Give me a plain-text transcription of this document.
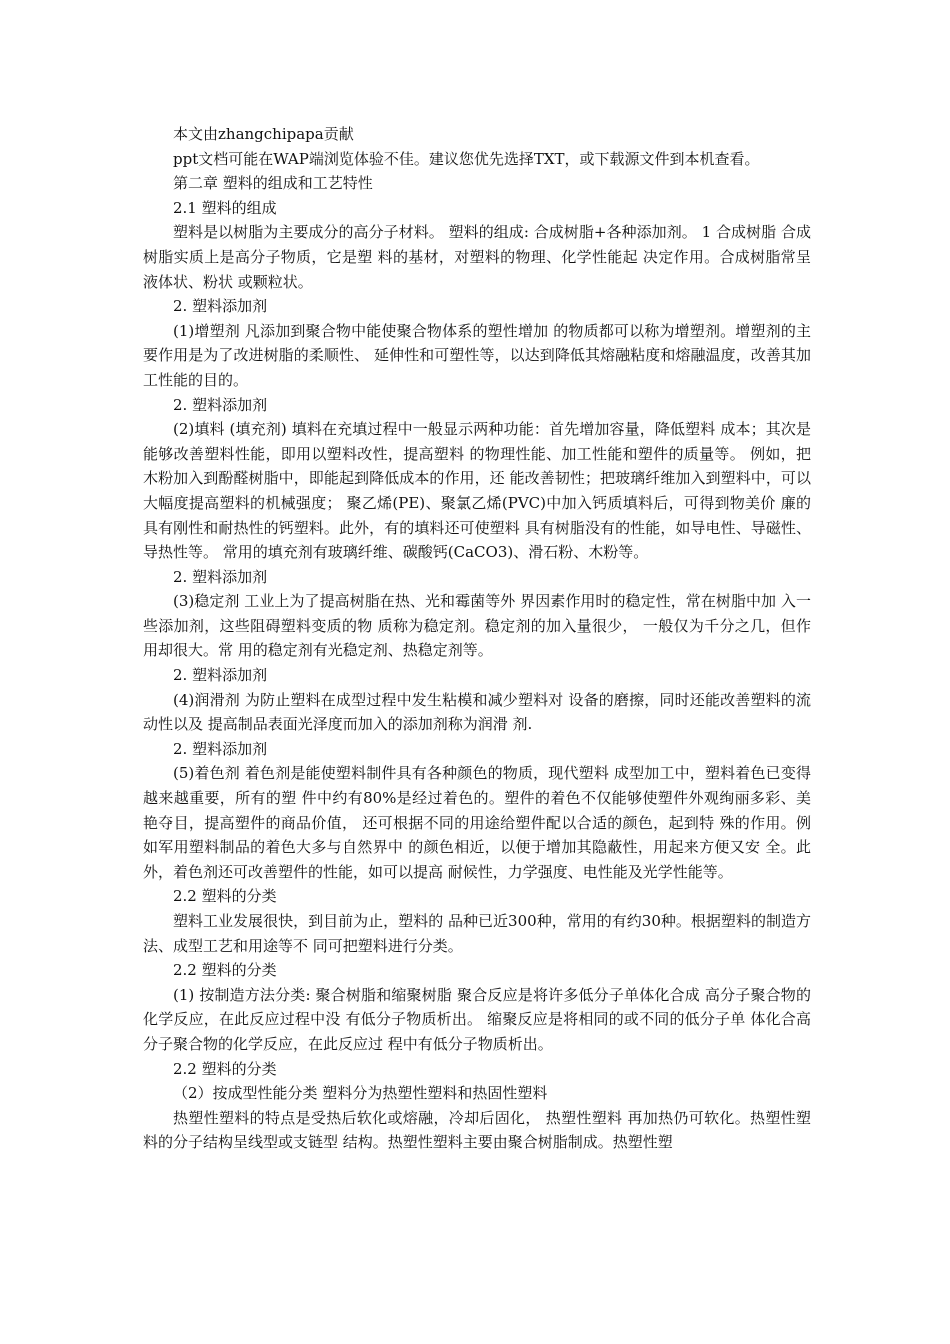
本文由zhangchipapa贡献

ppt文档可能在WAP端浏览体验不佳。建议您优先选择TXT，或下载源文件到本机查看。

第二章 塑料的组成和工艺特性

2.1 塑料的组成

塑料是以树脂为主要成分的高分子材料。 塑料的组成: 合成树脂+各种添加剂。 1 合成树脂 合成树脂实质上是高分子物质，它是塑 料的基材，对塑料的物理、化学性能起 决定作用。合成树脂常呈液体状、粉状 或颗粒状。

2. 塑料添加剂

(1)增塑剂 凡添加到聚合物中能使聚合物体系的塑性增加 的物质都可以称为增塑剂。增塑剂的主要作用是为了改进树脂的柔顺性、 延伸性和可塑性等，以达到降低其熔融粘度和熔融温度，改善其加工性能的目的。

2. 塑料添加剂

(2)填料 (填充剂) 填料在充填过程中一般显示两种功能：首先增加容量，降低塑料 成本；其次是能够改善塑料性能，即用以塑料改性，提高塑料 的物理性能、加工性能和塑件的质量等。 例如，把木粉加入到酚醛树脂中，即能起到降低成本的作用，还 能改善韧性；把玻璃纤维加入到塑料中，可以大幅度提高塑料的机械强度； 聚乙烯(PE)、聚氯乙烯(PVC)中加入钙质填料后，可得到物美价 廉的具有刚性和耐热性的钙塑料。此外，有的填料还可使塑料 具有树脂没有的性能，如导电性、导磁性、导热性等。 常用的填充剂有玻璃纤维、碳酸钙(CaCO3)、滑石粉、木粉等。

2. 塑料添加剂

(3)稳定剂 工业上为了提高树脂在热、光和霉菌等外 界因素作用时的稳定性，常在树脂中加 入一些添加剂，这些阻碍塑料变质的物 质称为稳定剂。稳定剂的加入量很少， 一般仅为千分之几，但作用却很大。常 用的稳定剂有光稳定剂、热稳定剂等。

2. 塑料添加剂

(4)润滑剂 为防止塑料在成型过程中发生粘模和减少塑料对 设备的磨擦，同时还能改善塑料的流动性以及 提高制品表面光泽度而加入的添加剂称为润滑 剂.

2. 塑料添加剂

(5)着色剂 着色剂是能使塑料制件具有各种颜色的物质，现代塑料 成型加工中，塑料着色已变得越来越重要，所有的塑 件中约有80%是经过着色的。塑件的着色不仅能够使塑件外观绚丽多彩、美艳夺目，提高塑件的商品价值， 还可根据不同的用途给塑件配以合适的颜色，起到特 殊的作用。例如军用塑料制品的着色大多与自然界中 的颜色相近，以便于增加其隐蔽性，用起来方便又安 全。此外，着色剂还可改善塑件的性能，如可以提高 耐候性，力学强度、电性能及光学性能等。

2.2 塑料的分类

塑料工业发展很快，到目前为止，塑料的 品种已近300种，常用的有约30种。根据塑料的制造方法、成型工艺和用途等不 同可把塑料进行分类。

2.2 塑料的分类

(1) 按制造方法分类: 聚合树脂和缩聚树脂 聚合反应是将许多低分子单体化合成 高分子聚合物的化学反应，在此反应过程中没 有低分子物质析出。 缩聚反应是将相同的或不同的低分子单 体化合高分子聚合物的化学反应，在此反应过 程中有低分子物质析出。

2.2 塑料的分类

（2）按成型性能分类 塑料分为热塑性塑料和热固性塑料

热塑性塑料的特点是受热后软化或熔融，冷却后固化， 热塑性塑料 再加热仍可软化。热塑性塑料的分子结构呈线型或支链型 结构。热塑性塑料主要由聚合树脂制成。热塑性塑
